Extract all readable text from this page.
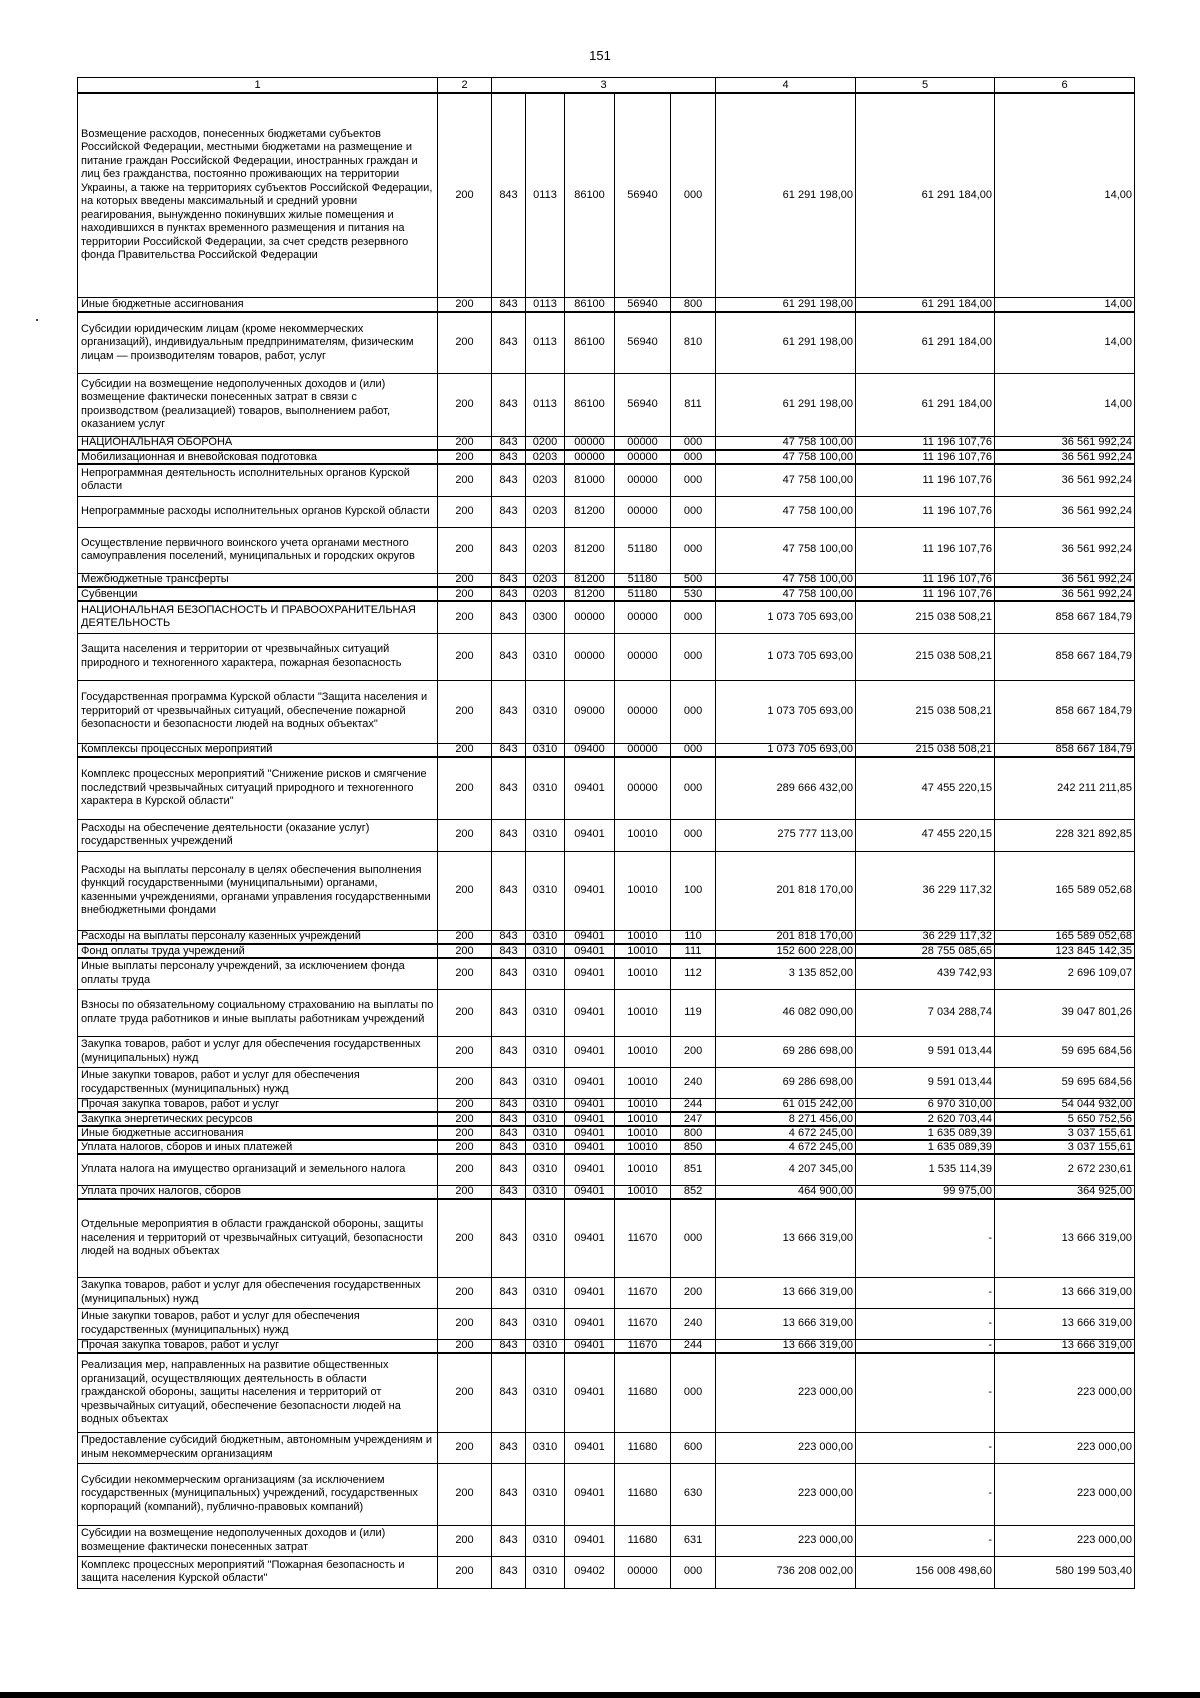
151
1	2	3					4	5	6
Возмещение расходов, понесенных бюджетами субъектов Российской Федерации, местными бюджетами на размещение и питание граждан Российской Федерации, иностранных граждан и лиц без гражданства, постоянно проживающих на территории Украины, а также на территориях субъектов Российской Федерации, на которых введены максимальный и средний уровни реагирования, вынужденно покинувших жилые помещения и находившихся в пунктах временного размещения и питания на территории Российской Федерации, за счет средств резервного фонда Правительства Российской Федерации	200	843	0113	86100	56940	000	61 291 198,00	61 291 184,00	14,00
Иные бюджетные ассигнования	200	843	0113	86100	56940	800	61 291 198,00	61 291 184,00	14,00
Субсидии юридическим лицам (кроме некоммерческих организаций), индивидуальным предпринимателям, физическим лицам — производителям товаров, работ, услуг	200	843	0113	86100	56940	810	61 291 198,00	61 291 184,00	14,00
Субсидии на возмещение недополученных доходов и (или) возмещение фактически понесенных затрат в связи с производством (реализацией) товаров, выполнением работ, оказанием услуг	200	843	0113	86100	56940	811	61 291 198,00	61 291 184,00	14,00
НАЦИОНАЛЬНАЯ ОБОРОНА	200	843	0200	00000	00000	000	47 758 100,00	11 196 107,76	36 561 992,24
Мобилизационная и вневойсковая подготовка	200	843	0203	00000	00000	000	47 758 100,00	11 196 107,76	36 561 992,24
Непрограммная деятельность исполнительных органов Курской области	200	843	0203	81000	00000	000	47 758 100,00	11 196 107,76	36 561 992,24
Непрограммные расходы исполнительных органов Курской области	200	843	0203	81200	00000	000	47 758 100,00	11 196 107,76	36 561 992,24
Осуществление первичного воинского учета органами местного самоуправления поселений, муниципальных и городских округов	200	843	0203	81200	51180	000	47 758 100,00	11 196 107,76	36 561 992,24
Межбюджетные трансферты	200	843	0203	81200	51180	500	47 758 100,00	11 196 107,76	36 561 992,24
Субвенции	200	843	0203	81200	51180	530	47 758 100,00	11 196 107,76	36 561 992,24
НАЦИОНАЛЬНАЯ БЕЗОПАСНОСТЬ И ПРАВООХРАНИТЕЛЬНАЯ ДЕЯТЕЛЬНОСТЬ	200	843	0300	00000	00000	000	1 073 705 693,00	215 038 508,21	858 667 184,79
Защита населения и территории от чрезвычайных ситуаций природного и техногенного характера, пожарная безопасность	200	843	0310	00000	00000	000	1 073 705 693,00	215 038 508,21	858 667 184,79
Государственная программа Курской области "Защита населения и территорий от чрезвычайных ситуаций, обеспечение пожарной безопасности и безопасности людей на водных объектах"	200	843	0310	09000	00000	000	1 073 705 693,00	215 038 508,21	858 667 184,79
Комплексы процессных мероприятий	200	843	0310	09400	00000	000	1 073 705 693,00	215 038 508,21	858 667 184,79
Комплекс процессных мероприятий "Снижение рисков и смягчение последствий чрезвычайных ситуаций природного и техногенного характера в Курской области"	200	843	0310	09401	00000	000	289 666 432,00	47 455 220,15	242 211 211,85
Расходы на обеспечение деятельности (оказание услуг) государственных учреждений	200	843	0310	09401	10010	000	275 777 113,00	47 455 220,15	228 321 892,85
Расходы на выплаты персоналу в целях обеспечения выполнения функций государственными (муниципальными) органами, казенными учреждениями, органами управления государственными внебюджетными фондами	200	843	0310	09401	10010	100	201 818 170,00	36 229 117,32	165 589 052,68
Расходы на выплаты персоналу казенных учреждений	200	843	0310	09401	10010	110	201 818 170,00	36 229 117,32	165 589 052,68
Фонд оплаты труда учреждений	200	843	0310	09401	10010	111	152 600 228,00	28 755 085,65	123 845 142,35
Иные выплаты персоналу учреждений, за исключением фонда оплаты труда	200	843	0310	09401	10010	112	3 135 852,00	439 742,93	2 696 109,07
Взносы по обязательному социальному страхованию на выплаты по оплате труда работников и иные выплаты работникам учреждений	200	843	0310	09401	10010	119	46 082 090,00	7 034 288,74	39 047 801,26
Закупка товаров, работ и услуг для обеспечения государственных (муниципальных) нужд	200	843	0310	09401	10010	200	69 286 698,00	9 591 013,44	59 695 684,56
Иные закупки товаров, работ и услуг для обеспечения государственных (муниципальных) нужд	200	843	0310	09401	10010	240	69 286 698,00	9 591 013,44	59 695 684,56
Прочая закупка товаров, работ и услуг	200	843	0310	09401	10010	244	61 015 242,00	6 970 310,00	54 044 932,00
Закупка энергетических ресурсов	200	843	0310	09401	10010	247	8 271 456,00	2 620 703,44	5 650 752,56
Иные бюджетные ассигнования	200	843	0310	09401	10010	800	4 672 245,00	1 635 089,39	3 037 155,61
Уплата налогов, сборов и иных платежей	200	843	0310	09401	10010	850	4 672 245,00	1 635 089,39	3 037 155,61
Уплата налога на имущество организаций и земельного налога	200	843	0310	09401	10010	851	4 207 345,00	1 535 114,39	2 672 230,61
Уплата прочих налогов, сборов	200	843	0310	09401	10010	852	464 900,00	99 975,00	364 925,00
Отдельные мероприятия в области гражданской обороны, защиты населения и территорий от чрезвычайных ситуаций, безопасности людей на водных объектах	200	843	0310	09401	11670	000	13 666 319,00	-	13 666 319,00
Закупка товаров, работ и услуг для обеспечения государственных (муниципальных) нужд	200	843	0310	09401	11670	200	13 666 319,00	-	13 666 319,00
Иные закупки товаров, работ и услуг для обеспечения государственных (муниципальных) нужд	200	843	0310	09401	11670	240	13 666 319,00	-	13 666 319,00
Прочая закупка товаров, работ и услуг	200	843	0310	09401	11670	244	13 666 319,00	-	13 666 319,00
Реализация мер, направленных на развитие общественных организаций, осуществляющих деятельность в области гражданской обороны, защиты населения и территорий от чрезвычайных ситуаций, обеспечение безопасности людей на водных объектах	200	843	0310	09401	11680	000	223 000,00	-	223 000,00
Предоставление субсидий бюджетным, автономным учреждениям и иным некоммерческим организациям	200	843	0310	09401	11680	600	223 000,00	-	223 000,00
Субсидии некоммерческим организациям (за исключением государственных (муниципальных) учреждений, государственных корпораций (компаний), публично-правовых компаний)	200	843	0310	09401	11680	630	223 000,00	-	223 000,00
Субсидии на возмещение недополученных доходов и (или) возмещение фактически понесенных затрат	200	843	0310	09401	11680	631	223 000,00	-	223 000,00
Комплекс процессных мероприятий "Пожарная безопасность и защита населения Курской области"	200	843	0310	09402	00000	000	736 208 002,00	156 008 498,60	580 199 503,40
